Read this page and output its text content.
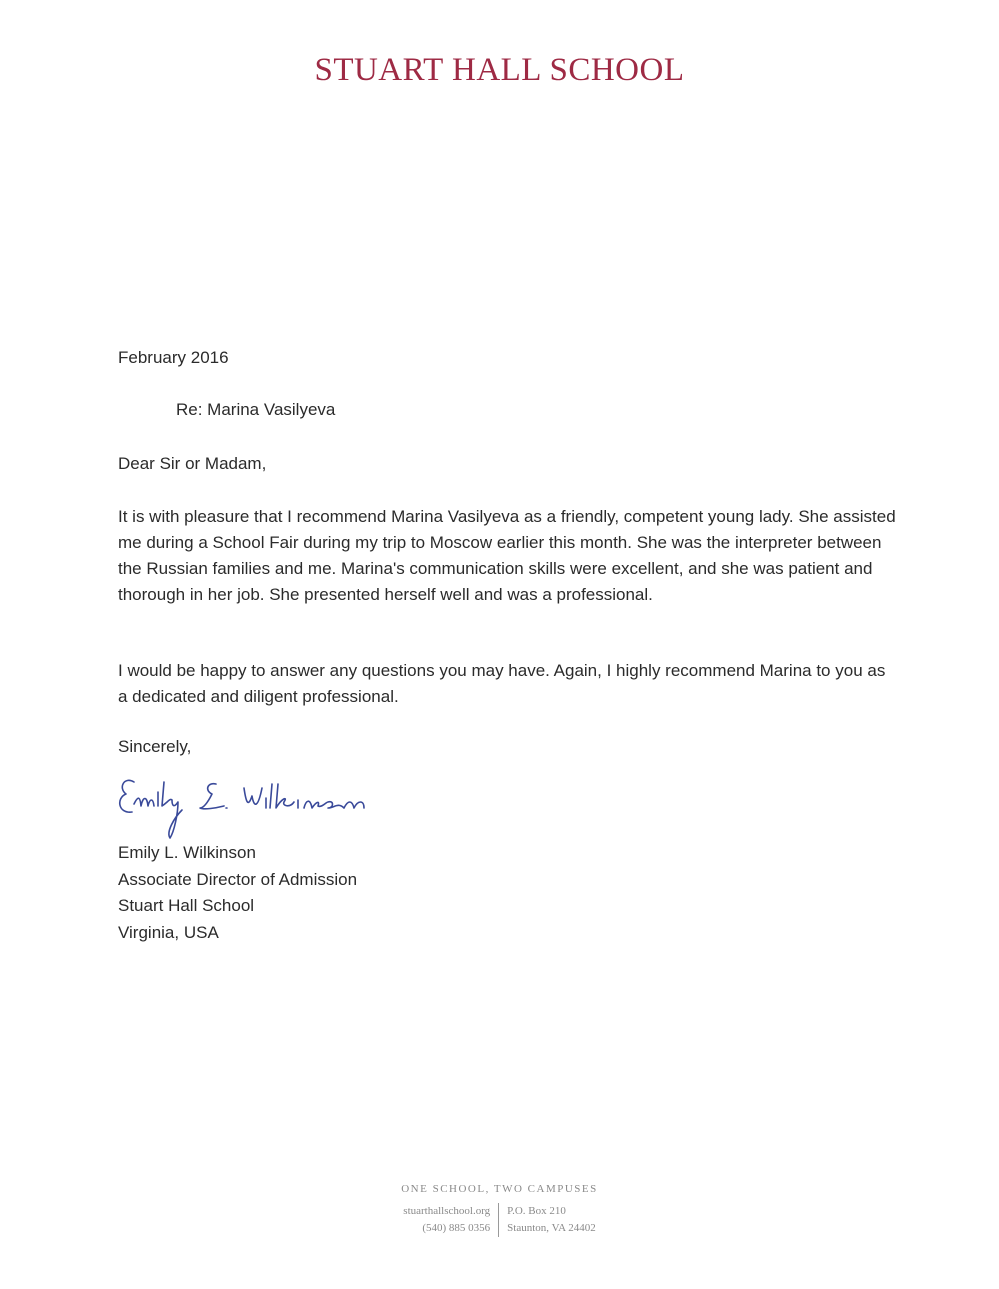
STUART HALL SCHOOL
February 2016
Re: Marina Vasilyeva
Dear Sir or Madam,
It is with pleasure that I recommend Marina Vasilyeva as a friendly, competent young lady. She assisted me during a School Fair during my trip to Moscow earlier this month. She was the interpreter between the Russian families and me. Marina's communication skills were excellent, and she was patient and thorough in her job. She presented herself well and was a professional.
I would be happy to answer any questions you may have. Again, I highly recommend Marina to you as a dedicated and diligent professional.
Sincerely,
Emily L. Wilkinson
Associate Director of Admission
Stuart Hall School
Virginia, USA
ONE SCHOOL, TWO CAMPUSES
stuarthallschool.org
(540) 885 0356
P.O. Box 210
Staunton, VA 24402
